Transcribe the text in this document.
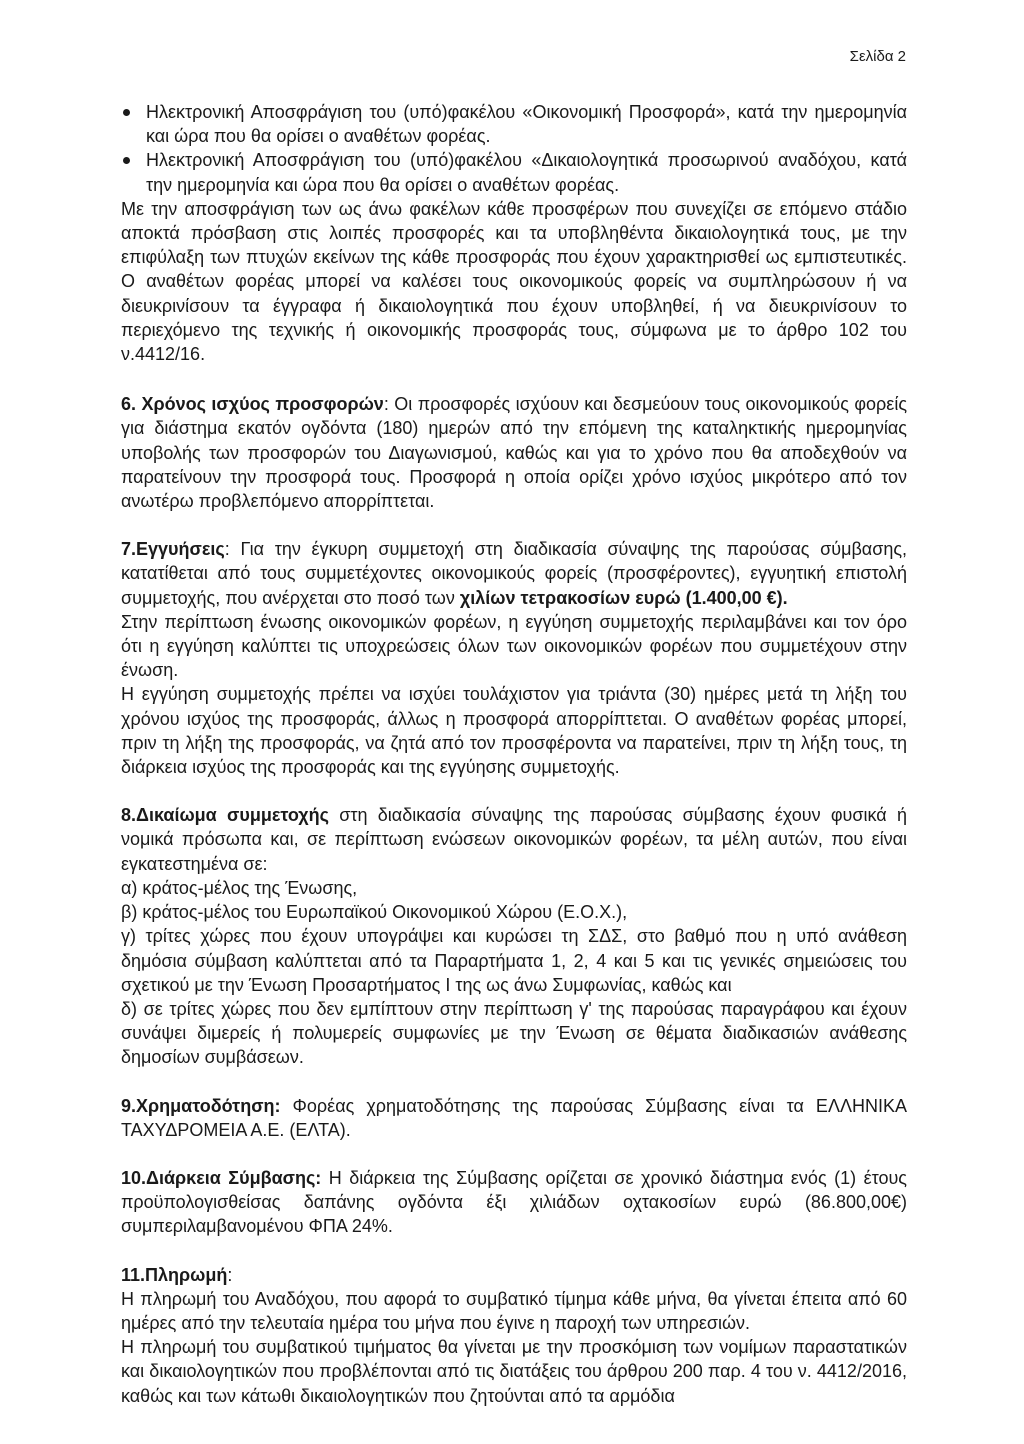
Σελίδα 2
Ηλεκτρονική Αποσφράγιση του (υπό)φακέλου «Οικονομική Προσφορά», κατά την ημερομηνία και ώρα που θα ορίσει ο αναθέτων φορέας.
Ηλεκτρονική Αποσφράγιση του (υπό)φακέλου «Δικαιολογητικά προσωρινού αναδόχου, κατά την ημερομηνία και ώρα που θα ορίσει ο αναθέτων φορέας.

Με την αποσφράγιση των ως άνω φακέλων κάθε προσφέρων που συνεχίζει σε επόμενο στάδιο αποκτά πρόσβαση στις λοιπές προσφορές και τα υποβληθέντα δικαιολογητικά τους, με την επιφύλαξη των πτυχών εκείνων της κάθε προσφοράς που έχουν χαρακτηρισθεί ως εμπιστευτικές. Ο αναθέτων φορέας μπορεί να καλέσει τους οικονομικούς φορείς να συμπληρώσουν ή να διευκρινίσουν τα έγγραφα ή δικαιολογητικά που έχουν υποβληθεί, ή να διευκρινίσουν το περιεχόμενο της τεχνικής ή οικονομικής προσφοράς τους, σύμφωνα με το άρθρο 102 του ν.4412/16.

6. Χρόνος ισχύος προσφορών: Οι προσφορές ισχύουν και δεσμεύουν τους οικονομικούς φορείς για διάστημα εκατόν ογδόντα (180) ημερών από την επόμενη της καταληκτικής ημερομηνίας υποβολής των προσφορών του Διαγωνισμού, καθώς και για το χρόνο που θα αποδεχθούν να παρατείνουν την προσφορά τους. Προσφορά η οποία ορίζει χρόνο ισχύος μικρότερο από τον ανωτέρω προβλεπόμενο απορρίπτεται.

7.Εγγυήσεις: Για την έγκυρη συμμετοχή στη διαδικασία σύναψης της παρούσας σύμβασης, κατατίθεται από τους συμμετέχοντες οικονομικούς φορείς (προσφέροντες), εγγυητική επιστολή συμμετοχής, που ανέρχεται στο ποσό των χιλίων τετρακοσίων ευρώ (1.400,00 €).

Στην περίπτωση ένωσης οικονομικών φορέων, η εγγύηση συμμετοχής περιλαμβάνει και τον όρο ότι η εγγύηση καλύπτει τις υποχρεώσεις όλων των οικονομικών φορέων που συμμετέχουν στην ένωση.

Η εγγύηση συμμετοχής πρέπει να ισχύει τουλάχιστον για τριάντα (30) ημέρες μετά τη λήξη του χρόνου ισχύος της προσφοράς, άλλως η προσφορά απορρίπτεται. Ο αναθέτων φορέας μπορεί, πριν τη λήξη της προσφοράς, να ζητά από τον προσφέροντα να παρατείνει, πριν τη λήξη τους, τη διάρκεια ισχύος της προσφοράς και της εγγύησης συμμετοχής.

8.Δικαίωμα συμμετοχής στη διαδικασία σύναψης της παρούσας σύμβασης έχουν φυσικά ή νομικά πρόσωπα και, σε περίπτωση ενώσεων οικονομικών φορέων, τα μέλη αυτών, που είναι εγκατεστημένα σε:

α) κράτος-μέλος της Ένωσης,

β) κράτος-μέλος του Ευρωπαϊκού Οικονομικού Χώρου (Ε.Ο.Χ.),

γ) τρίτες χώρες που έχουν υπογράψει και κυρώσει τη ΣΔΣ, στο βαθμό που η υπό ανάθεση δημόσια σύμβαση καλύπτεται από τα Παραρτήματα 1, 2, 4 και 5 και τις γενικές σημειώσεις του σχετικού με την Ένωση Προσαρτήματος I της ως άνω Συμφωνίας, καθώς και

δ) σε τρίτες χώρες που δεν εμπίπτουν στην περίπτωση γ' της παρούσας παραγράφου και έχουν συνάψει διμερείς ή πολυμερείς συμφωνίες με την Ένωση σε θέματα διαδικασιών ανάθεσης δημοσίων συμβάσεων.

9.Χρηματοδότηση: Φορέας χρηματοδότησης της παρούσας Σύμβασης είναι τα ΕΛΛΗΝΙΚΑ ΤΑΧΥΔΡΟΜΕΙΑ Α.Ε. (ΕΛΤΑ).

10.Διάρκεια Σύμβασης: Η διάρκεια της Σύμβασης ορίζεται σε χρονικό διάστημα ενός (1) έτους προϋπολογισθείσας δαπάνης ογδόντα έξι χιλιάδων οχτακοσίων ευρώ (86.800,00€) συμπεριλαμβανομένου ΦΠΑ 24%.

11.Πληρωμή:

Η πληρωμή του Αναδόχου, που αφορά το συμβατικό τίμημα κάθε μήνα, θα γίνεται έπειτα από 60 ημέρες από την τελευταία ημέρα του μήνα που έγινε η παροχή των υπηρεσιών.

Η πληρωμή του συμβατικού τιμήματος θα γίνεται με την προσκόμιση των νομίμων παραστατικών και δικαιολογητικών που προβλέπονται από τις διατάξεις του άρθρου 200 παρ. 4 του ν. 4412/2016, καθώς και των κάτωθι δικαιολογητικών που ζητούνται από τα αρμόδια
